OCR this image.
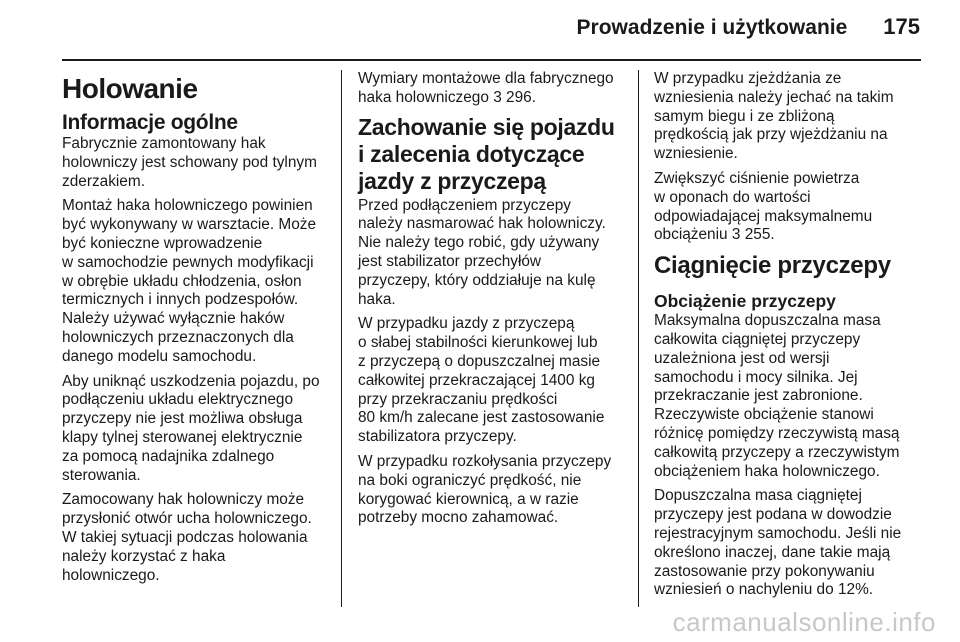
Prowadzenie i użytkowanie 175
Holowanie
Informacje ogólne

Fabrycznie zamontowany hak
holowniczy jest schowany pod tylnym
zderzakiem.

Montaż haka holowniczego powinien
być wykonywany w warsztacie. Może
być konieczne wprowadzenie
w samochodzie pewnych modyfikacji
w obrębie układu chłodzenia, osłon
termicznych i innych podzespołów.
Należy używać wyłącznie haków
holowniczych przeznaczonych dla
danego modelu samochodu.

Aby uniknąć uszkodzenia pojazdu, po
podłączeniu układu elektrycznego
przyczepy nie jest możliwa obsługa
klapy tylnej sterowanej elektrycznie
za pomocą nadajnika zdalnego
sterowania.

Zamocowany hak holowniczy może
przysłonić otwór ucha holowniczego.
W takiej sytuacji podczas holowania
należy korzystać z haka
holowniczego.

Wymiary montażowe dla fabrycznego
haka holowniczego 3 296.

Zachowanie się pojazdu
i zalecenia dotyczące
jazdy z przyczepą

Przed podłączeniem przyczepy
należy nasmarować hak holowniczy.
Nie należy tego robić, gdy używany
jest stabilizator przechyłów
przyczepy, który oddziałuje na kulę
haka.

W przypadku jazdy z przyczepą
o słabej stabilności kierunkowej lub
z przyczepą o dopuszczalnej masie
całkowitej przekraczającej 1400 kg
przy przekraczaniu prędkości
80 km/h zalecane jest zastosowanie
stabilizatora przyczepy.

W przypadku rozkołysania przyczepy
na boki ograniczyć prędkość, nie
korygować kierownicą, a w razie
potrzeby mocno zahamować.

W przypadku zjeżdżania ze
wzniesienia należy jechać na takim
samym biegu i ze zbliżoną
prędkością jak przy wjeżdżaniu na
wzniesienie.

Zwiększyć ciśnienie powietrza
w oponach do wartości
odpowiadającej maksymalnemu
obciążeniu 3 255.

Ciągnięcie przyczepy
Obciążenie przyczepy

Maksymalna dopuszczalna masa
całkowita ciągniętej przyczepy
uzależniona jest od wersji
samochodu i mocy silnika. Jej
przekraczanie jest zabronione.
Rzeczywiste obciążenie stanowi
różnicę pomiędzy rzeczywistą masą
całkowitą przyczepy a rzeczywistym
obciążeniem haka holowniczego.

Dopuszczalna masa ciągniętej
przyczepy jest podana w dowodzie
rejestracyjnym samochodu. Jeśli nie
określono inaczej, dane takie mają
zastosowanie przy pokonywaniu
wzniesień o nachyleniu do 12%.

carmanualsonline.info
